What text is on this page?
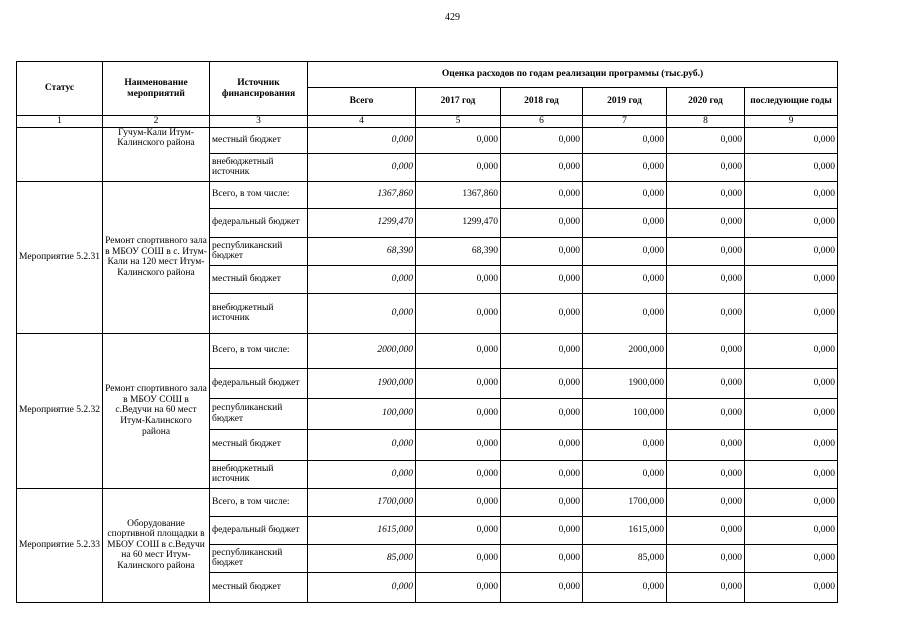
429
Статус	Наименование мероприятий	Источник финансирования	Оценка расходов по годам реализации программы (тыс.руб.)					
			Всего	2017 год	2018 год	2019 год	2020 год	последующие годы
1	2	3	4	5	6	7	8	9
	Гучум-Кали Итум-Калинского района	местный бюджет	0,000	0,000	0,000	0,000	0,000	0,000
		внебюджетный источник	0,000	0,000	0,000	0,000	0,000	0,000
Мероприятие 5.2.31	Ремонт спортивного зала в МБОУ СОШ в с. Итум-Кали на 120 мест Итум-Калинского района	Всего, в том числе:	1367,860	1367,860	0,000	0,000	0,000	0,000
		федеральный бюджет	1299,470	1299,470	0,000	0,000	0,000	0,000
		республиканский бюджет	68,390	68,390	0,000	0,000	0,000	0,000
		местный бюджет	0,000	0,000	0,000	0,000	0,000	0,000
		внебюджетный источник	0,000	0,000	0,000	0,000	0,000	0,000
Мероприятие 5.2.32	Ремонт спортивного зала в МБОУ СОШ в с.Ведучи на 60 мест Итум-Калинского района	Всего, в том числе:	2000,000	0,000	0,000	2000,000	0,000	0,000
		федеральный бюджет	1900,000	0,000	0,000	1900,000	0,000	0,000
		республиканский бюджет	100,000	0,000	0,000	100,000	0,000	0,000
		местный бюджет	0,000	0,000	0,000	0,000	0,000	0,000
		внебюджетный источник	0,000	0,000	0,000	0,000	0,000	0,000
Мероприятие 5.2.33	Оборудование спортивной площадки в МБОУ СОШ в с.Ведучи на 60 мест Итум-Калинского района	Всего, в том числе:	1700,000	0,000	0,000	1700,000	0,000	0,000
		федеральный бюджет	1615,000	0,000	0,000	1615,000	0,000	0,000
		республиканский бюджет	85,000	0,000	0,000	85,000	0,000	0,000
		местный бюджет	0,000	0,000	0,000	0,000	0,000	0,000
